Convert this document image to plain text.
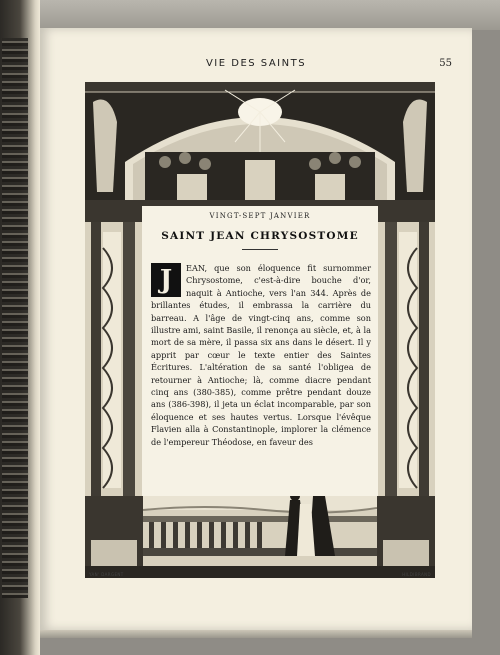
VIE DES SAINTS	55
VINGT-SEPT JANVIER
SAINT JEAN CHRYSOSTOME
J	EAN, que son éloquence fit surnommer Chrysostome, c'est-à-dire bouche d'or, naquit à Antioche, vers l'an 344. Après de brillantes études, il embrassa la carrière du barreau. A l'âge de vingt-cinq ans, comme son illustre ami, saint Basile, il renonça au siècle, et, à la mort de sa mère, il passa six ans dans le désert. Il y apprit par cœur le texte entier des Saintes Écritures. L'altération de sa santé l'obligea de retourner à Antioche; là, comme diacre pendant cinq ans (380-385), comme prêtre pendant douze ans (386-398), il jeta un éclat incomparable, par son éloquence et ses hautes vertus. Lorsque l'évêque Flavien alla à Constantinople, implorer la clémence de l'empereur Théodose, en faveur des
YAN' DARGENT	HILDIBRAND
